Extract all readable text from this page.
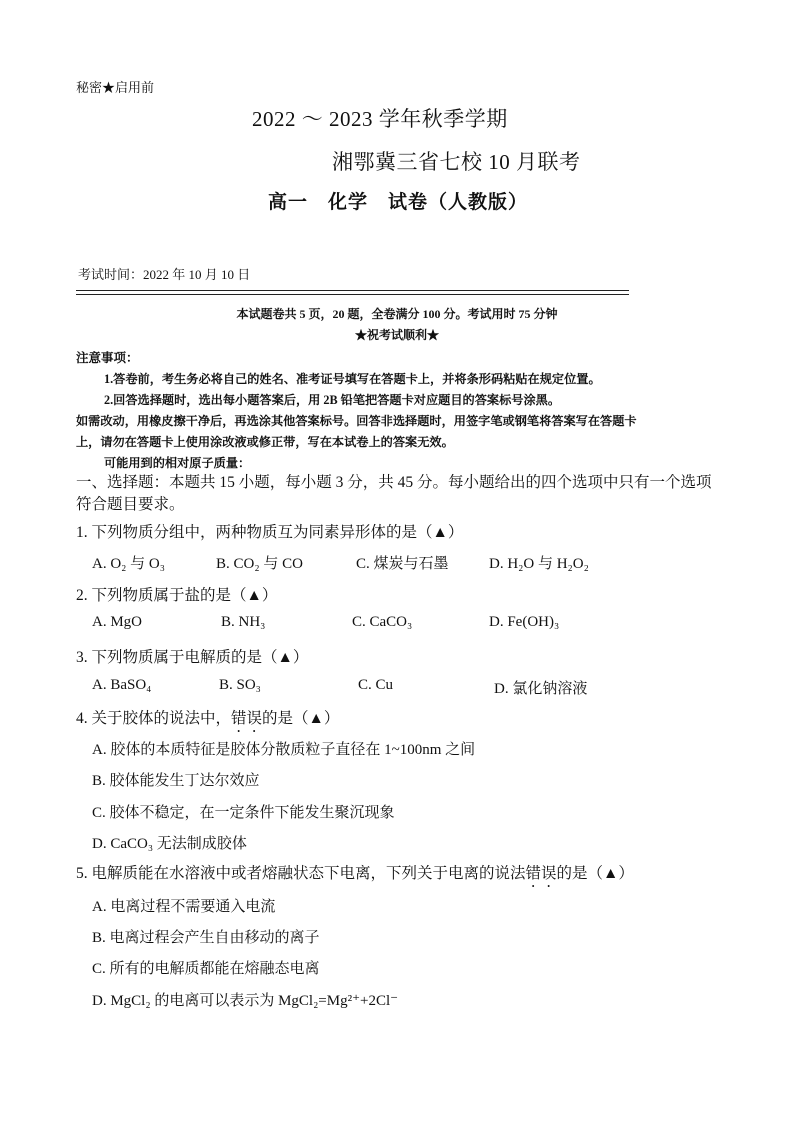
秘密★启用前
2022 ～ 2023 学年秋季学期
湘鄂冀三省七校 10 月联考
高一　化学　试卷（人教版）
考试时间：2022 年 10 月 10 日
本试题卷共 5 页，20 题，全卷满分 100 分。考试用时 75 分钟
★祝考试顺利★
注意事项：
1.答卷前，考生务必将自己的姓名、准考证号填写在答题卡上，并将条形码粘贴在规定位置。
2.回答选择题时，选出每小题答案后，用 2B 铅笔把答题卡对应题目的答案标号涂黑。
如需改动，用橡皮擦干净后，再选涂其他答案标号。回答非选择题时，用签字笔或钢笔将答案写在答题卡
上，请勿在答题卡上使用涂改液或修正带，写在本试卷上的答案无效。
可能用到的相对原子质量：
一、选择题：本题共 15 小题，每小题 3 分，共 45 分。每小题给出的四个选项中只有一个选项符合题目要求。
1. 下列物质分组中，两种物质互为同素异形体的是（▲）
A. O₂ 与 O₃	B. CO₂ 与 CO	C. 煤炭与石墨	D. H₂O 与 H₂O₂
2. 下列物质属于盐的是（▲）
A. MgO	B. NH₃	C. CaCO₃	D. Fe(OH)₃
3. 下列物质属于电解质的是（▲）
A. BaSO₄	B. SO₃	C. Cu	D. 氯化钠溶液
4. 关于胶体的说法中，错误的是（▲）
A. 胶体的本质特征是胶体分散质粒子直径在 1~100nm 之间
B. 胶体能发生丁达尔效应
C. 胶体不稳定，在一定条件下能发生聚沉现象
D. CaCO₃ 无法制成胶体
5. 电解质能在水溶液中或者熔融状态下电离，下列关于电离的说法错误的是（▲）
A. 电离过程不需要通入电流
B. 电离过程会产生自由移动的离子
C. 所有的电解质都能在熔融态电离
D. MgCl₂ 的电离可以表示为 MgCl₂=Mg²⁺+2Cl⁻
